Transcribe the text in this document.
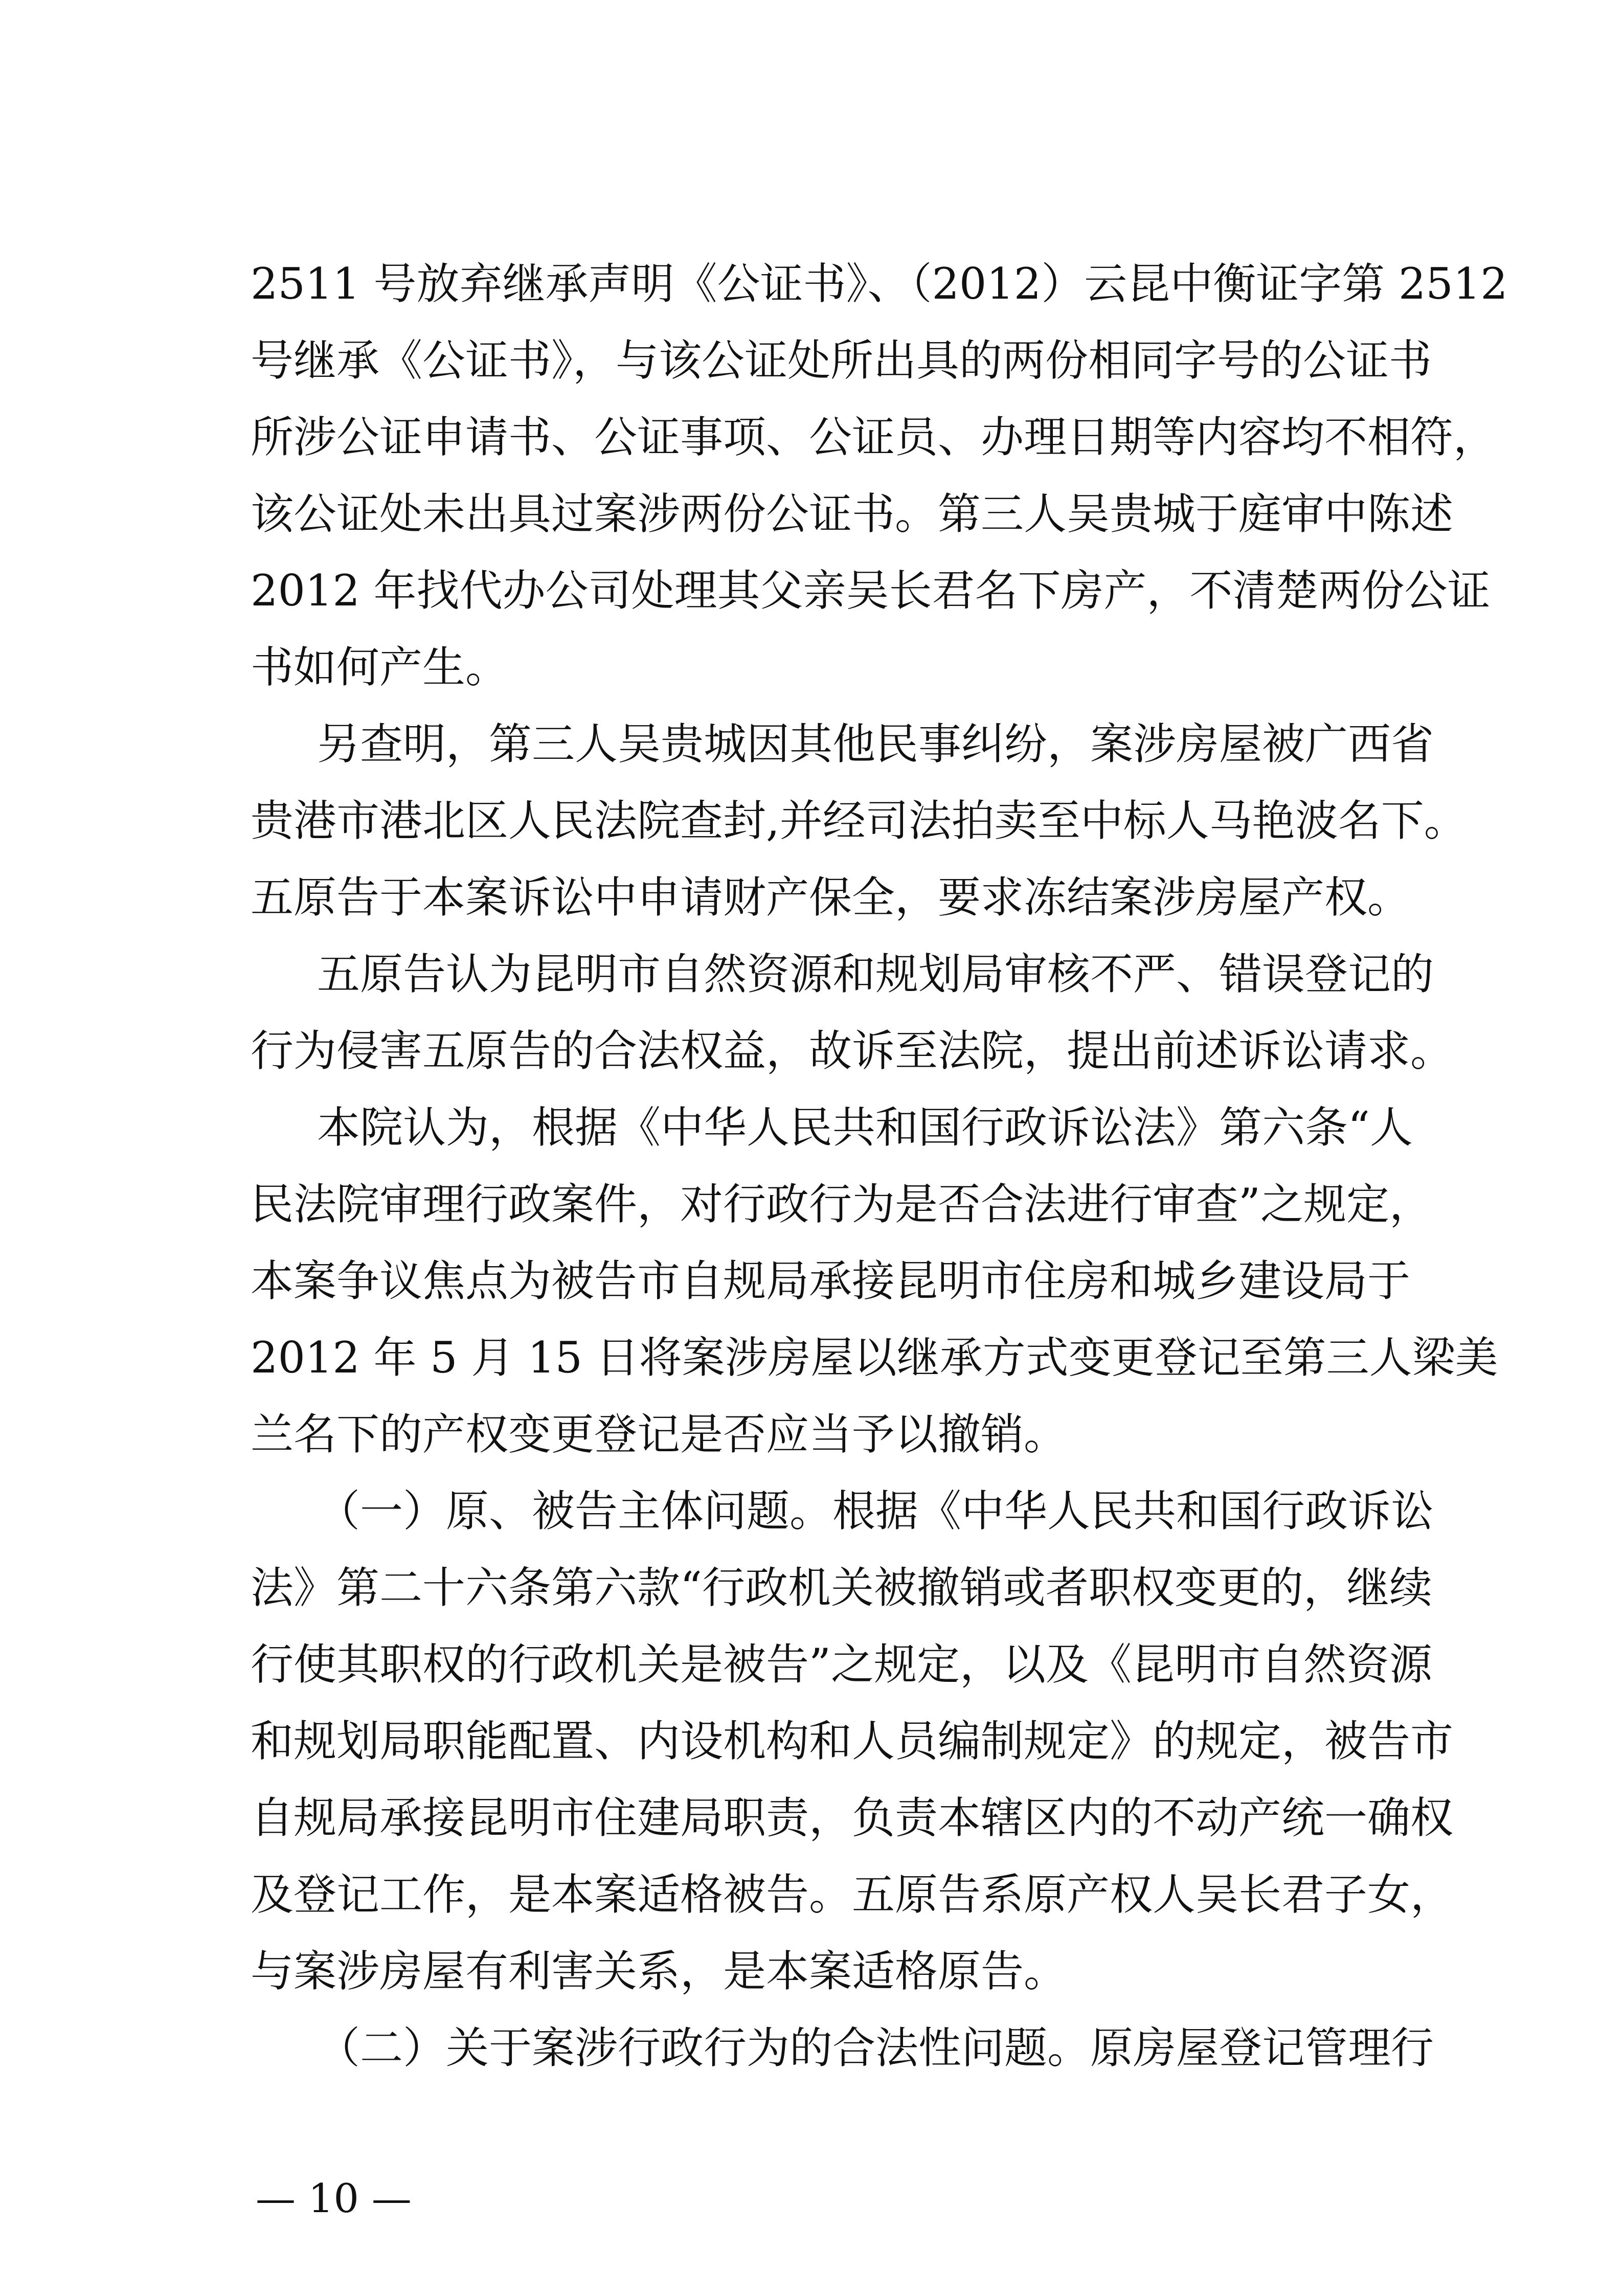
2511 号放弃继承声明《公证书》、（2012）云昆中衡证字第 2512
号继承《公证书》，与该公证处所出具的两份相同字号的公证书
所涉公证申请书、公证事项、公证员、办理日期等内容均不相符，
该公证处未出具过案涉两份公证书。第三人吴贵城于庭审中陈述
2012 年找代办公司处理其父亲吴长君名下房产，不清楚两份公证
书如何产生。
另查明，第三人吴贵城因其他民事纠纷，案涉房屋被广西省
贵港市港北区人民法院查封,并经司法拍卖至中标人马艳波名下。
五原告于本案诉讼中申请财产保全，要求冻结案涉房屋产权。
五原告认为昆明市自然资源和规划局审核不严、错误登记的
行为侵害五原告的合法权益，故诉至法院，提出前述诉讼请求。
本院认为，根据《中华人民共和国行政诉讼法》第六条“人
民法院审理行政案件，对行政行为是否合法进行审查”之规定，
本案争议焦点为被告市自规局承接昆明市住房和城乡建设局于
2012 年 5 月 15 日将案涉房屋以继承方式变更登记至第三人梁美
兰名下的产权变更登记是否应当予以撤销。
（一）原、被告主体问题。根据《中华人民共和国行政诉讼
法》第二十六条第六款“行政机关被撤销或者职权变更的，继续
行使其职权的行政机关是被告”之规定，以及《昆明市自然资源
和规划局职能配置、内设机构和人员编制规定》的规定，被告市
自规局承接昆明市住建局职责，负责本辖区内的不动产统一确权
及登记工作，是本案适格被告。五原告系原产权人吴长君子女，
与案涉房屋有利害关系，是本案适格原告。
（二）关于案涉行政行为的合法性问题。原房屋登记管理行
— 10 —
